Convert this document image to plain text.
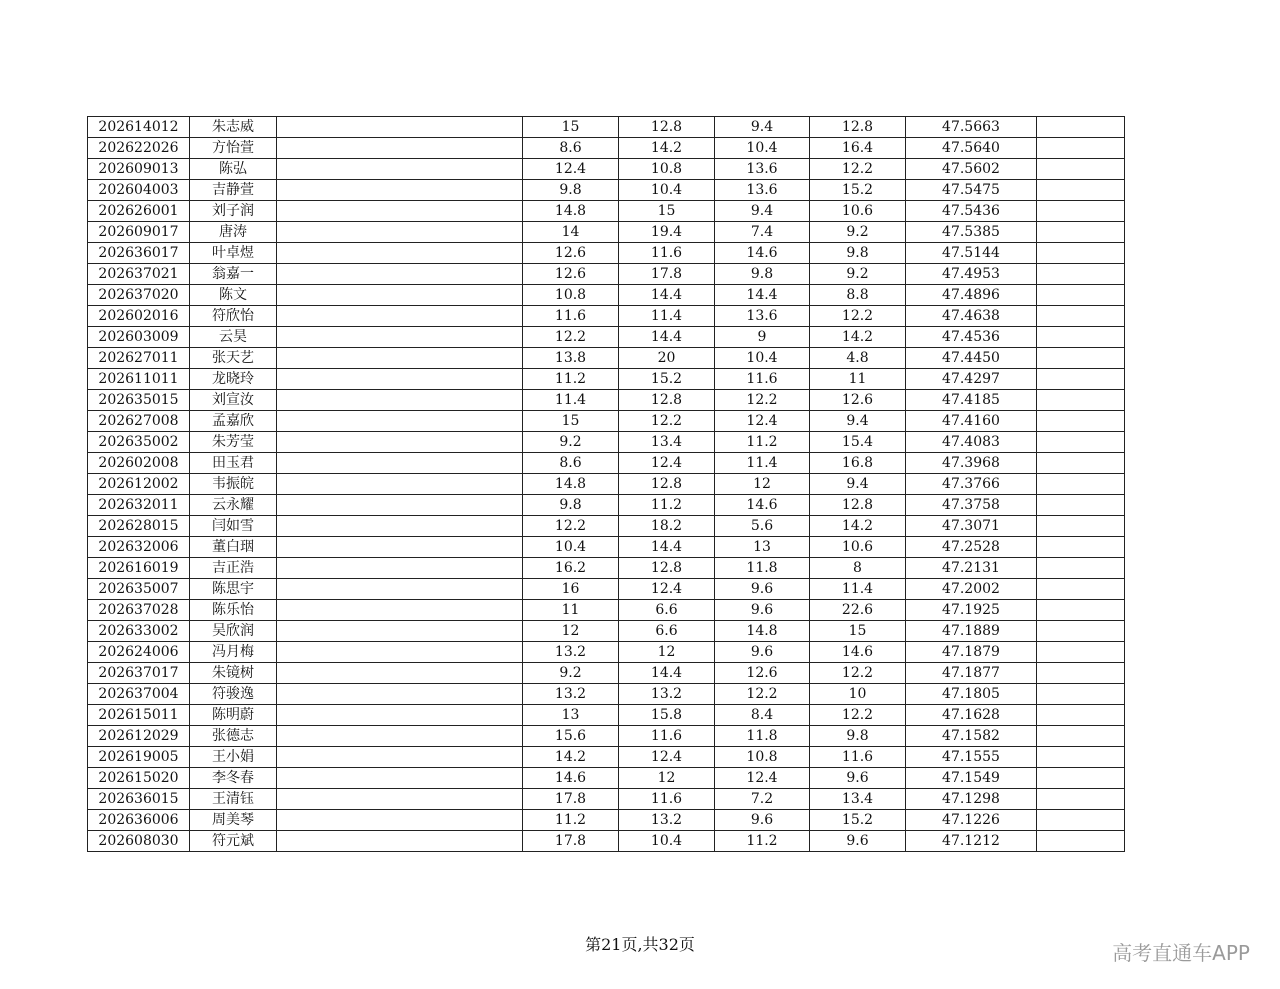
202614012	朱志威		15	12.8	9.4	12.8	47.5663	
202622026	方怡萱		8.6	14.2	10.4	16.4	47.5640	
202609013	陈弘		12.4	10.8	13.6	12.2	47.5602	
202604003	吉静萱		9.8	10.4	13.6	15.2	47.5475	
202626001	刘子润		14.8	15	9.4	10.6	47.5436	
202609017	唐涛		14	19.4	7.4	9.2	47.5385	
202636017	叶卓煜		12.6	11.6	14.6	9.8	47.5144	
202637021	翁嘉一		12.6	17.8	9.8	9.2	47.4953	
202637020	陈文		10.8	14.4	14.4	8.8	47.4896	
202602016	符欣怡		11.6	11.4	13.6	12.2	47.4638	
202603009	云昊		12.2	14.4	9	14.2	47.4536	
202627011	张天艺		13.8	20	10.4	4.8	47.4450	
202611011	龙晓玲		11.2	15.2	11.6	11	47.4297	
202635015	刘宣汝		11.4	12.8	12.2	12.6	47.4185	
202627008	孟嘉欣		15	12.2	12.4	9.4	47.4160	
202635002	朱芳莹		9.2	13.4	11.2	15.4	47.4083	
202602008	田玉君		8.6	12.4	11.4	16.8	47.3968	
202612002	韦振皖		14.8	12.8	12	9.4	47.3766	
202632011	云永耀		9.8	11.2	14.6	12.8	47.3758	
202628015	闫如雪		12.2	18.2	5.6	14.2	47.3071	
202632006	董白珚		10.4	14.4	13	10.6	47.2528	
202616019	吉正浩		16.2	12.8	11.8	8	47.2131	
202635007	陈思宇		16	12.4	9.6	11.4	47.2002	
202637028	陈乐怡		11	6.6	9.6	22.6	47.1925	
202633002	吴欣润		12	6.6	14.8	15	47.1889	
202624006	冯月梅		13.2	12	9.6	14.6	47.1879	
202637017	朱镜树		9.2	14.4	12.6	12.2	47.1877	
202637004	符骏逸		13.2	13.2	12.2	10	47.1805	
202615011	陈明蔚		13	15.8	8.4	12.2	47.1628	
202612029	张德志		15.6	11.6	11.8	9.8	47.1582	
202619005	王小娟		14.2	12.4	10.8	11.6	47.1555	
202615020	李冬春		14.6	12	12.4	9.6	47.1549	
202636015	王清钰		17.8	11.6	7.2	13.4	47.1298	
202636006	周美琴		11.2	13.2	9.6	15.2	47.1226	
202608030	符元斌		17.8	10.4	11.2	9.6	47.1212	
第21页,共32页	高考直通车APP
